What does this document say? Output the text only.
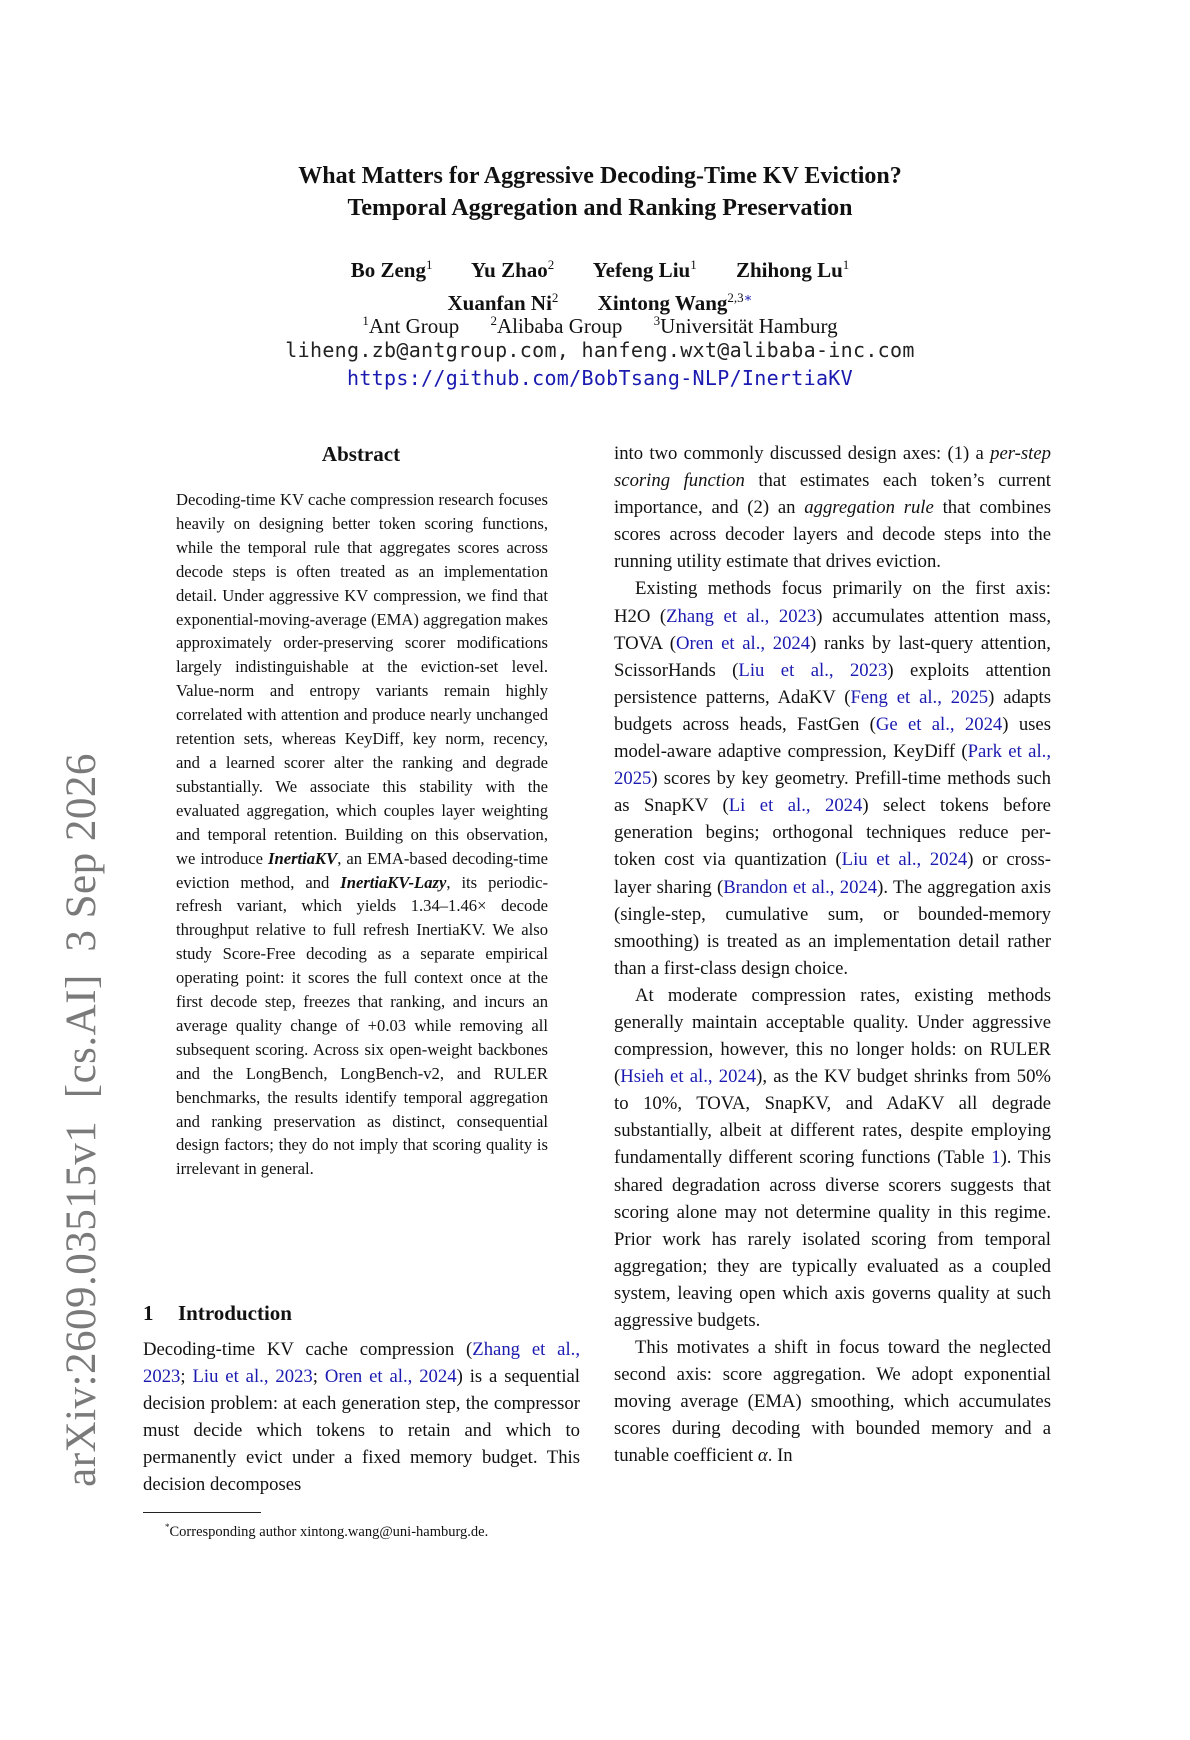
arXiv:2609.03515v1  [cs.AI]  3 Sep 2026
What Matters for Aggressive Decoding-Time KV Eviction?
Temporal Aggregation and Ranking Preservation
Bo Zeng$^1$ Yu Zhao$^2$ Yefeng Liu$^1$ Zhihong Lu$^1$
Xuanfan Ni$^2$ Xintong Wang$^{2,3∗}$
$^1$Ant Group $^2$Alibaba Group $^3$Universität Hamburg
liheng.zb@antgroup.com, hanfeng.wxt@alibaba-inc.com
https://github.com/BobTsang-NLP/InertiaKV
Abstract
Decoding-time KV cache compression research focuses heavily on designing better token scoring functions, while the temporal rule that aggregates scores across decode steps is often treated as an implementation detail. Under aggressive KV compression, we find that exponential-moving-average (EMA) aggregation makes approximately order-preserving scorer modifications largely indistinguishable at the eviction-set level. Value-norm and entropy variants remain highly correlated with attention and produce nearly unchanged retention sets, whereas KeyDiff, key norm, recency, and a learned scorer alter the ranking and degrade substantially. We associate this stability with the evaluated aggregation, which couples layer weighting and temporal retention. Building on this observation, we introduce InertiaKV, an EMA-based decoding-time eviction method, and InertiaKV-Lazy, its periodic-refresh variant, which yields 1.34–1.46× decode throughput relative to full refresh InertiaKV. We also study Score-Free decoding as a separate empirical operating point: it scores the full context once at the first decode step, freezes that ranking, and incurs an average quality change of +0.03 while removing all subsequent scoring. Across six open-weight backbones and the LongBench, LongBench-v2, and RULER benchmarks, the results identify temporal aggregation and ranking preservation as distinct, consequential design factors; they do not imply that scoring quality is irrelevant in general.
1 Introduction
Decoding-time KV cache compression (Zhang et al., 2023; Liu et al., 2023; Oren et al., 2024) is a sequential decision problem: at each generation step, the compressor must decide which tokens to retain and which to permanently evict under a fixed memory budget. This decision decomposes
*Corresponding author xintong.wang@uni-hamburg.de.

into two commonly discussed design axes: (1) a per-step scoring function that estimates each token’s current importance, and (2) an aggregation rule that combines scores across decoder layers and decode steps into the running utility estimate that drives eviction.

Existing methods focus primarily on the first axis: H2O (Zhang et al., 2023) accumulates attention mass, TOVA (Oren et al., 2024) ranks by last-query attention, ScissorHands (Liu et al., 2023) exploits attention persistence patterns, AdaKV (Feng et al., 2025) adapts budgets across heads, FastGen (Ge et al., 2024) uses model-aware adaptive compression, KeyDiff (Park et al., 2025) scores by key geometry. Prefill-time methods such as SnapKV (Li et al., 2024) select tokens before generation begins; orthogonal techniques reduce per-token cost via quantization (Liu et al., 2024) or cross-layer sharing (Brandon et al., 2024). The aggregation axis (single-step, cumulative sum, or bounded-memory smoothing) is treated as an implementation detail rather than a first-class design choice.

At moderate compression rates, existing methods generally maintain acceptable quality. Under aggressive compression, however, this no longer holds: on RULER (Hsieh et al., 2024), as the KV budget shrinks from 50% to 10%, TOVA, SnapKV, and AdaKV all degrade substantially, albeit at different rates, despite employing fundamentally different scoring functions (Table 1). This shared degradation across diverse scorers suggests that scoring alone may not determine quality in this regime. Prior work has rarely isolated scoring from temporal aggregation; they are typically evaluated as a coupled system, leaving open which axis governs quality at such aggressive budgets.

This motivates a shift in focus toward the neglected second axis: score aggregation. We adopt exponential moving average (EMA) smoothing, which accumulates scores during decoding with bounded memory and a tunable coefficient α. In
